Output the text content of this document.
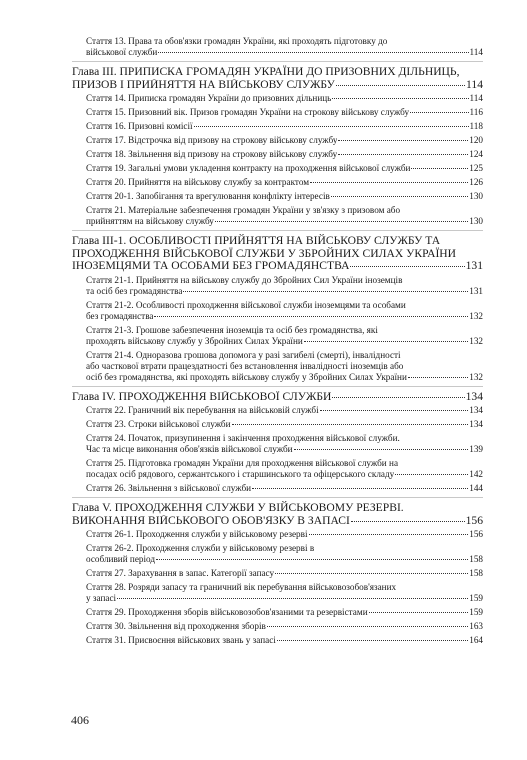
Стаття 13. Права та обов'язки громадян України, які проходять підготовку до
військової служби	114
Глава III. ПРИПИСКА ГРОМАДЯН УКРАЇНИ ДО ПРИЗОВНИХ ДІЛЬНИЦЬ,
ПРИЗОВ І ПРИЙНЯТТЯ НА ВІЙСЬКОВУ СЛУЖБУ	114
Стаття 14. Приписка громадян України до призовних дільниць	114
Стаття 15. Призовний вік. Призов громадян України на строкову військову службу	116
Стаття 16. Призовні комісії	118
Стаття 17. Відстрочка від призову на строкову військову службу	120
Стаття 18. Звільнення від призову на строкову військову службу	124
Стаття 19. Загальні умови укладення контракту на проходження військової служби	125
Стаття 20. Прийняття на військову службу за контрактом	126
Стаття 20-1. Запобігання та врегулювання конфлікту інтересів	130
Стаття 21. Матеріальне забезпечення громадян України у зв'язку з призовом або
прийняттям на військову службу	130
Глава III-1. ОСОБЛИВОСТІ ПРИЙНЯТТЯ НА ВІЙСЬКОВУ СЛУЖБУ ТА
ПРОХОДЖЕННЯ ВІЙСЬКОВОЇ СЛУЖБИ У ЗБРОЙНИХ СИЛАХ УКРАЇНИ
ІНОЗЕМЦЯМИ ТА ОСОБАМИ БЕЗ ГРОМАДЯНСТВА	131
Стаття 21-1. Прийняття на військову службу до Збройних Сил України іноземців
та осіб без громадянства	131
Стаття 21-2. Особливості проходження військової служби іноземцями та особами
без громадянства	132
Стаття 21-3. Грошове забезпечення іноземців та осіб без громадянства, які
проходять військову службу у Збройних Силах України	132
Стаття 21-4. Одноразова грошова допомога у разі загибелі (смерті), інвалідності
або часткової втрати працездатності без встановлення інвалідності іноземців або
осіб без громадянства, які проходять військову службу у Збройних Силах України	132
Глава IV. ПРОХОДЖЕННЯ ВІЙСЬКОВОЇ СЛУЖБИ	134
Стаття 22. Граничний вік перебування на військовій службі	134
Стаття 23. Строки військової служби	134
Стаття 24. Початок, призупинення і закінчення проходження військової служби.
Час та місце виконання обов'язків військової служби	139
Стаття 25. Підготовка громадян України для проходження військової служби на
посадах осіб рядового, сержантського і старшинського та офіцерського складу	142
Стаття 26. Звільнення з військової служби	144
Глава V. ПРОХОДЖЕННЯ СЛУЖБИ У ВІЙСЬКОВОМУ РЕЗЕРВІ.
ВИКОНАННЯ ВІЙСЬКОВОГО ОБОВ'ЯЗКУ В ЗАПАСІ	156
Стаття 26-1. Проходження служби у військовому резерві	156
Стаття 26-2. Проходження служби у військовому резерві в
особливий період	158
Стаття 27. Зарахування в запас. Категорії запасу	158
Стаття 28. Розряди запасу та граничний вік перебування військовозобов'язаних
у запасі	159
Стаття 29. Проходження зборів військовозобов'язаними та резервістами	159
Стаття 30. Звільнення від проходження зборів	163
Стаття 31. Присвоєння військових звань у запасі	164
406
